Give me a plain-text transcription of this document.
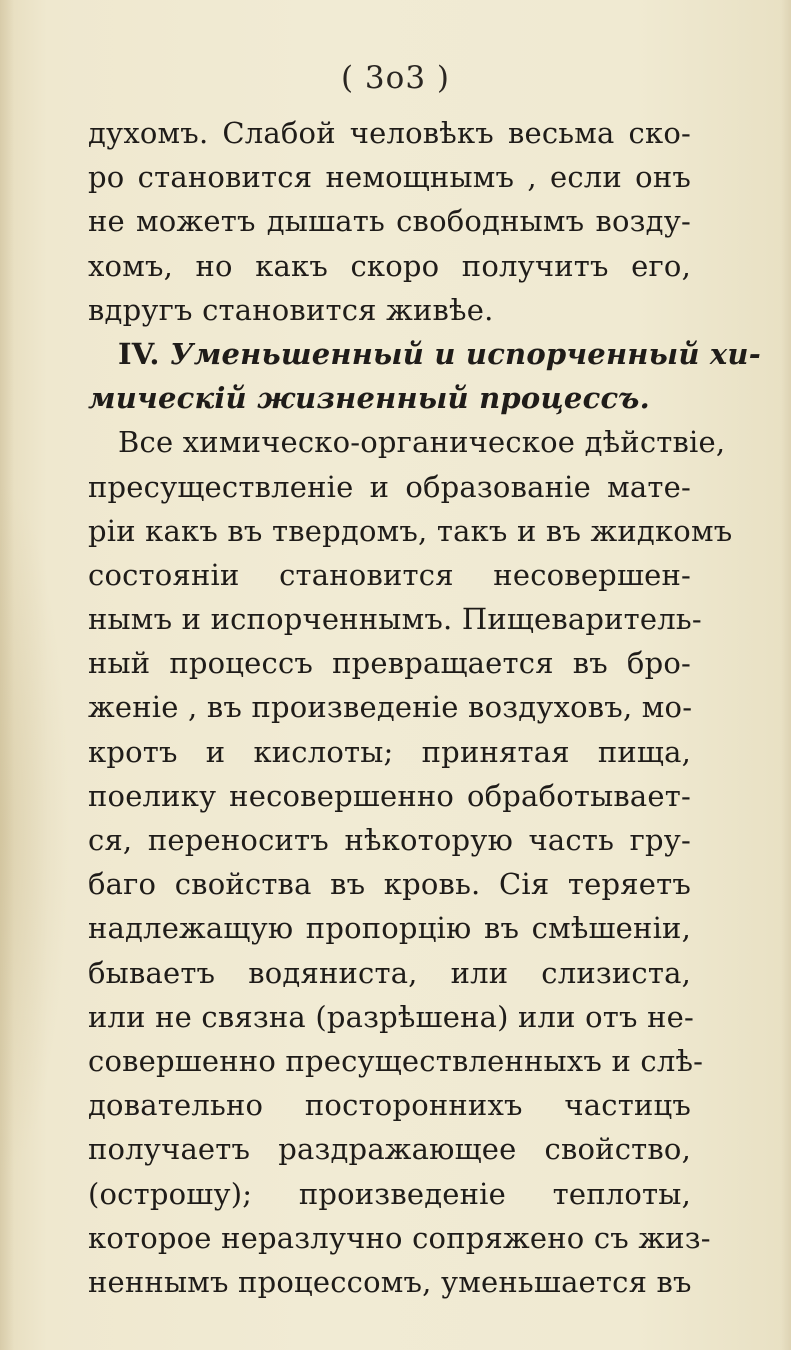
( 3о3 )
духомъ. Слабой человѣкъ весьма ско-
ро становится немощнымъ , если онъ
не можетъ дышать свободнымъ возду-
хомъ, но какъ скоро получитъ его,
вдругъ становится живѣе.
IV. Уменьшенный и испорченный хи-
мическій жизненный процессъ.
Все химическо-органическое дѣйствіе,
пресуществленіе и образованіе мате-
ріи какъ въ твердомъ, такъ и въ жидкомъ
состояніи становится несовершен-
нымъ и испорченнымъ. Пищеваритель-
ный процессъ превращается въ бро-
женіе , въ произведеніе воздуховъ, мо-
кротъ и кислоты; принятая пища,
поелику несовершенно обработывает-
ся, переноситъ нѣкоторую часть гру-
баго свойства въ кровь. Сія теряетъ
надлежащую пропорцію въ смѣшеніи,
бываетъ водяниста, или слизиста,
или не связна (разрѣшена) или отъ не-
совершенно пресуществленныхъ и слѣ-
довательно постороннихъ частицъ
получаетъ раздражающее свойство,
(острошу); произведеніе теплоты,
которое неразлучно сопряжено съ жиз-
неннымъ процессомъ, уменьшается въ
